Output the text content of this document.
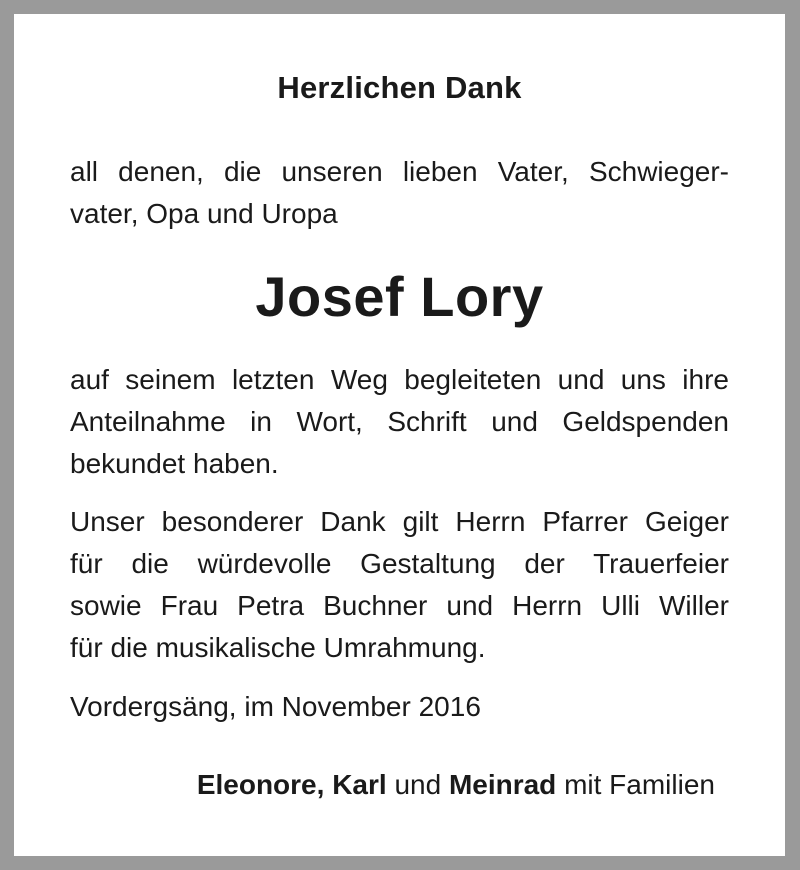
Herzlichen Dank
all denen, die unseren lieben Vater, Schwieger-
vater, Opa und Uropa
Josef Lory
auf seinem letzten Weg begleiteten und uns ihre
Anteilnahme in Wort, Schrift und Geldspenden
bekundet haben.
Unser besonderer Dank gilt Herrn Pfarrer Geiger
für die würdevolle Gestaltung der Trauerfeier
sowie Frau Petra Buchner und Herrn Ulli Willer
für die musikalische Umrahmung.
Vordergsäng, im November 2016
Eleonore, Karl und Meinrad mit Familien
